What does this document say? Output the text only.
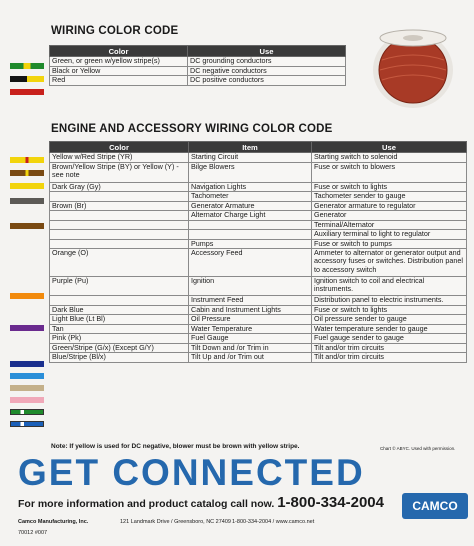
WIRING COLOR CODE
Color	Use
Green, or green w/yellow stripe(s)	DC grounding conductors
Black or Yellow	DC negative conductors
Red	DC positive conductors
ENGINE AND ACCESSORY WIRING COLOR CODE
Color	Item	Use
Yellow w/Red Stripe (YR)	Starting Circuit	Starting switch to solenoid
Brown/Yellow Stripe (BY) or Yellow (Y) - see note	Bilge Blowers	Fuse or switch to blowers
Dark Gray (Gy)	Navigation Lights	Fuse or switch to lights
	Tachometer	Tachometer sender to gauge
Brown (Br)	Generator Armature	Generator armature to regulator
	Alternator Charge Light	Generator
		Terminal/Alternator
		Auxiliary terminal to light to regulator
	Pumps	Fuse or switch to pumps
Orange (O)	Accessory Feed	Ammeter to alternator or generator output and accessory fuses or switches. Distribution panel to accessory switch
Purple (Pu)	Ignition	Ignition switch to coil and electrical instruments.
	Instrument Feed	Distribution panel to electric instruments.
Dark Blue	Cabin and Instrument Lights	Fuse or switch to lights
Light Blue (Lt Bl)	Oil Pressure	Oil pressure sender to gauge
Tan	Water Temperature	Water temperature sender to gauge
Pink (Pk)	Fuel Gauge	Fuel gauge sender to gauge
Green/Stripe (G/x) (Except G/Y)	Tilt Down and /or Trim in	Tilt and/or trim circuits
Blue/Stripe (Bl/x)	Tilt Up and /or Trim out	Tilt and/or trim circuits
Note: If yellow is used for DC negative, blower must be brown with yellow stripe.	Chart © ABYC. Used with permission.
GET CONNECTED
For more information and product catalog call now. 1-800-334-2004	CAMCO
Camco Manufacturing, Inc.	121 Landmark Drive / Greensboro, NC 27409 1-800-334-2004 / www.camco.net
70012 #007
